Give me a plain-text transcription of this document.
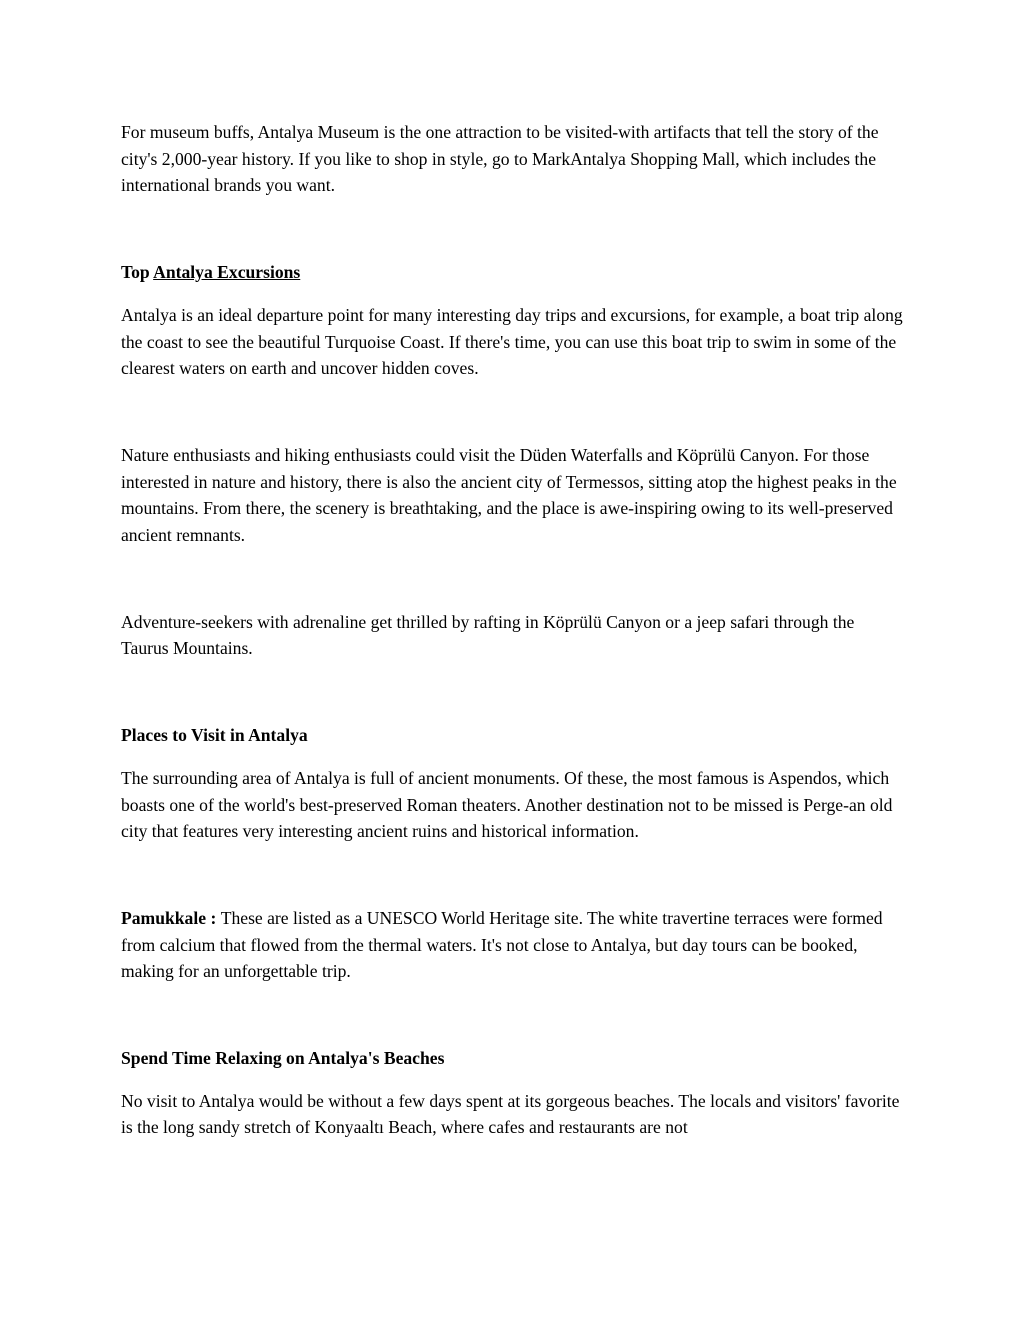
For museum buffs, Antalya Museum is the one attraction to be visited-with artifacts that tell the story of the city's 2,000-year history. If you like to shop in style, go to MarkAntalya Shopping Mall, which includes the international brands you want.

Top Antalya Excursions

Antalya is an ideal departure point for many interesting day trips and excursions, for example, a boat trip along the coast to see the beautiful Turquoise Coast. If there's time, you can use this boat trip to swim in some of the clearest waters on earth and uncover hidden coves.

Nature enthusiasts and hiking enthusiasts could visit the Düden Waterfalls and Köprülü Canyon. For those interested in nature and history, there is also the ancient city of Termessos, sitting atop the highest peaks in the mountains. From there, the scenery is breathtaking, and the place is awe-inspiring owing to its well-preserved ancient remnants.

Adventure-seekers with adrenaline get thrilled by rafting in Köprülü Canyon or a jeep safari through the Taurus Mountains.

Places to Visit in Antalya

The surrounding area of Antalya is full of ancient monuments. Of these, the most famous is Aspendos, which boasts one of the world's best-preserved Roman theaters. Another destination not to be missed is Perge-an old city that features very interesting ancient ruins and historical information.

Pamukkale : These are listed as a UNESCO World Heritage site. The white travertine terraces were formed from calcium that flowed from the thermal waters. It's not close to Antalya, but day tours can be booked, making for an unforgettable trip.

Spend Time Relaxing on Antalya's Beaches

No visit to Antalya would be without a few days spent at its gorgeous beaches. The locals and visitors' favorite is the long sandy stretch of Konyaaltı Beach, where cafes and restaurants are not
